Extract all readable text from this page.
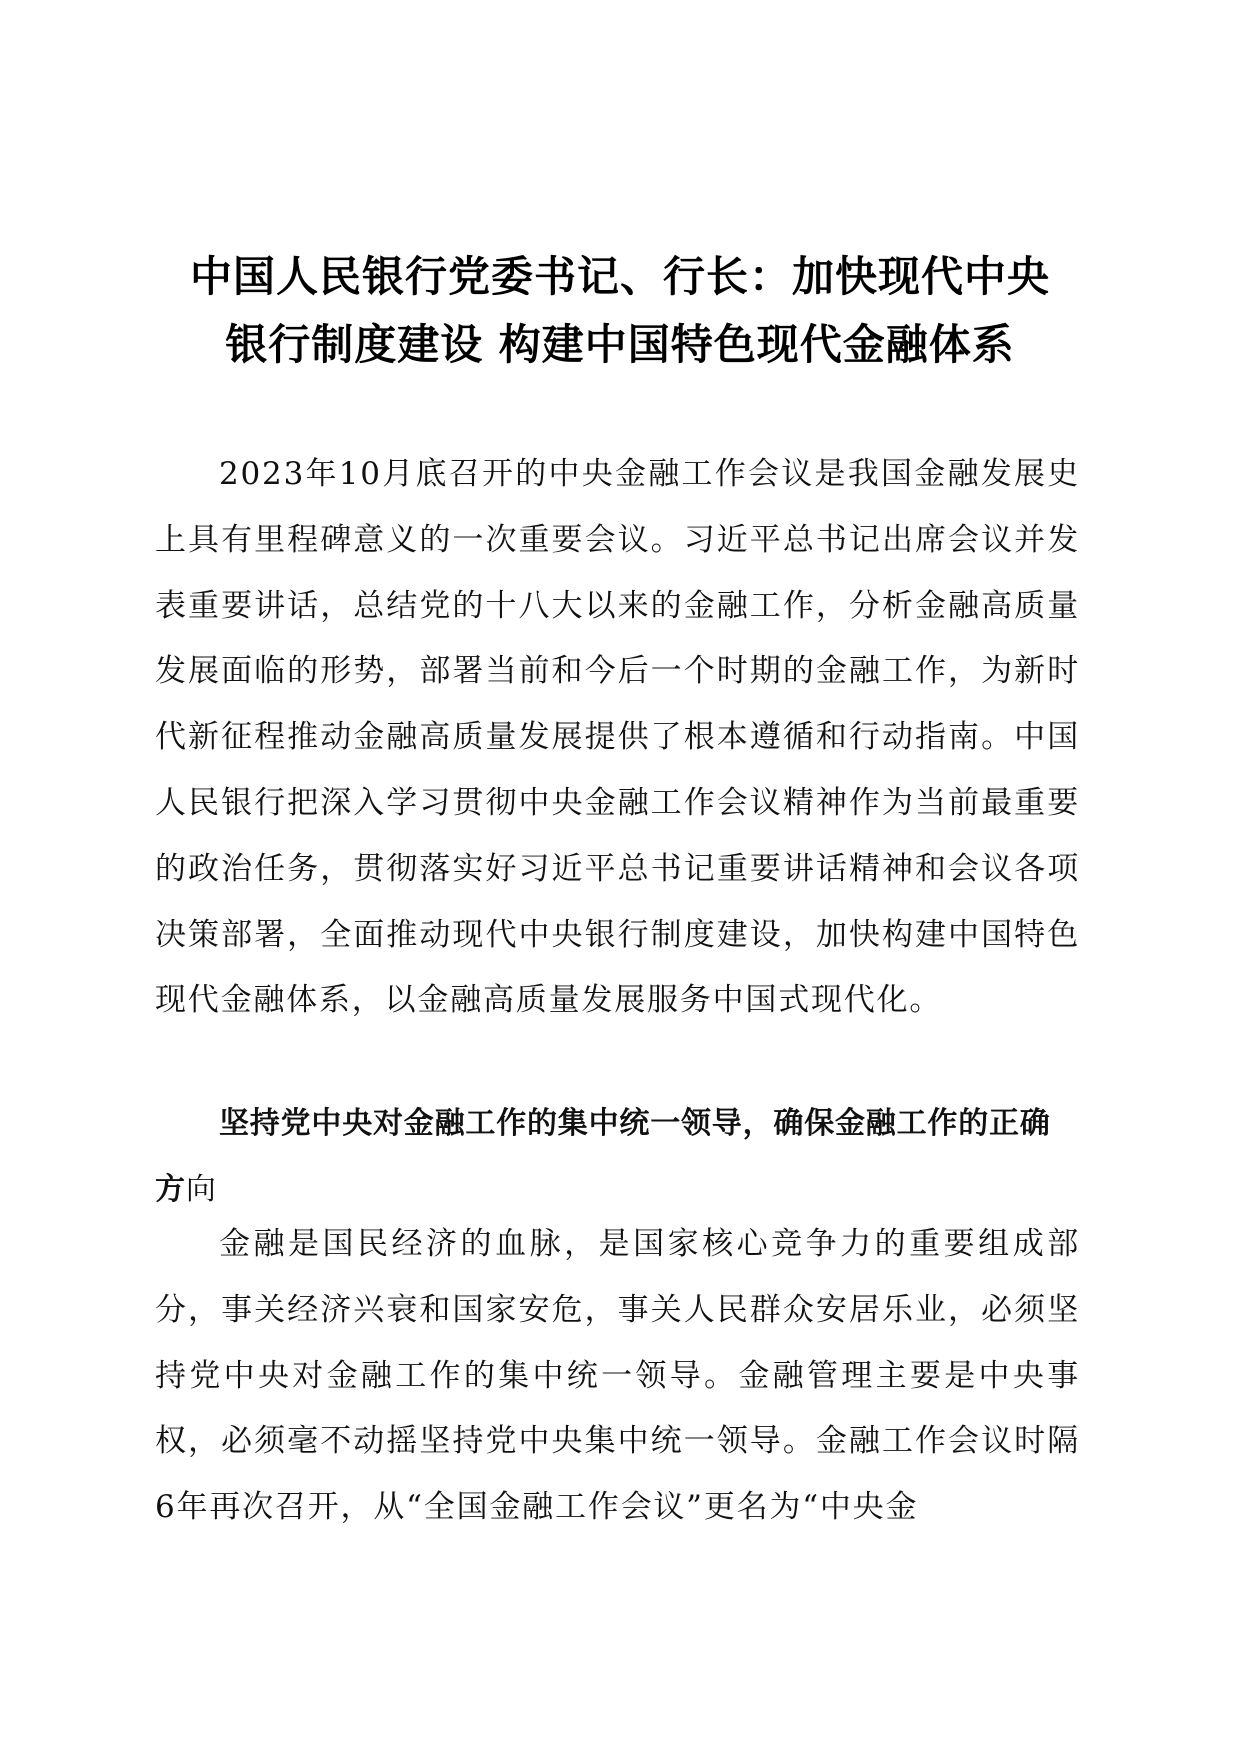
中国人民银行党委书记、行长：加快现代中央
银行制度建设 构建中国特色现代金融体系

2023年10月底召开的中央金融工作会议是我国金融发展史上具有里程碑意义的一次重要会议。习近平总书记出席会议并发表重要讲话，总结党的十八大以来的金融工作，分析金融高质量发展面临的形势，部署当前和今后一个时期的金融工作，为新时代新征程推动金融高质量发展提供了根本遵循和行动指南。中国人民银行把深入学习贯彻中央金融工作会议精神作为当前最重要的政治任务，贯彻落实好习近平总书记重要讲话精神和会议各项决策部署，全面推动现代中央银行制度建设，加快构建中国特色现代金融体系，以金融高质量发展服务中国式现代化。

坚持党中央对金融工作的集中统一领导，确保金融工作的正确方向

金融是国民经济的血脉，是国家核心竞争力的重要组成部分，事关经济兴衰和国家安危，事关人民群众安居乐业，必须坚持党中央对金融工作的集中统一领导。金融管理主要是中央事权，必须毫不动摇坚持党中央集中统一领导。金融工作会议时隔6年再次召开，从“全国金融工作会议”更名为“中央金
